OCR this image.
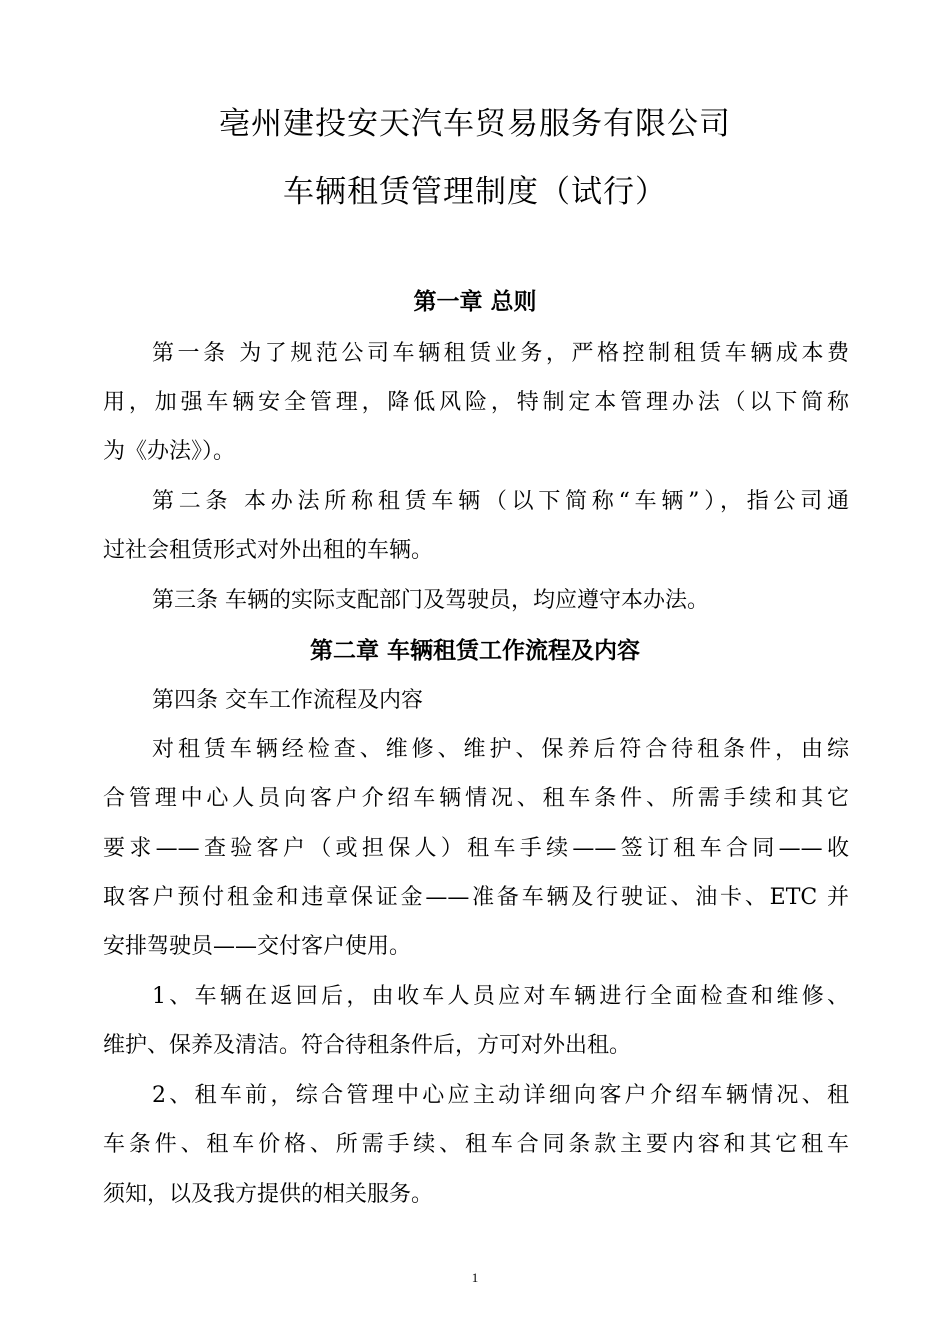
亳州建投安天汽车贸易服务有限公司
车辆租赁管理制度（试行）
第一章 总则
第一条 为了规范公司车辆租赁业务，严格控制租赁车辆成本费
用，加强车辆安全管理，降低风险，特制定本管理办法（以下简称
为《办法》）。
第二条 本办法所称租赁车辆（以下简称“车辆”），指公司通
过社会租赁形式对外出租的车辆。
第三条 车辆的实际支配部门及驾驶员，均应遵守本办法。
第二章 车辆租赁工作流程及内容
第四条 交车工作流程及内容
对租赁车辆经检查、维修、维护、保养后符合待租条件，由综
合管理中心人员向客户介绍车辆情况、租车条件、所需手续和其它
要求——查验客户（或担保人）租车手续——签订租车合同——收
取客户预付租金和违章保证金——准备车辆及行驶证、油卡、ETC 并
安排驾驶员——交付客户使用。
1、车辆在返回后，由收车人员应对车辆进行全面检查和维修、
维护、保养及清洁。符合待租条件后，方可对外出租。
2、租车前，综合管理中心应主动详细向客户介绍车辆情况、租
车条件、租车价格、所需手续、租车合同条款主要内容和其它租车
须知，以及我方提供的相关服务。
1
